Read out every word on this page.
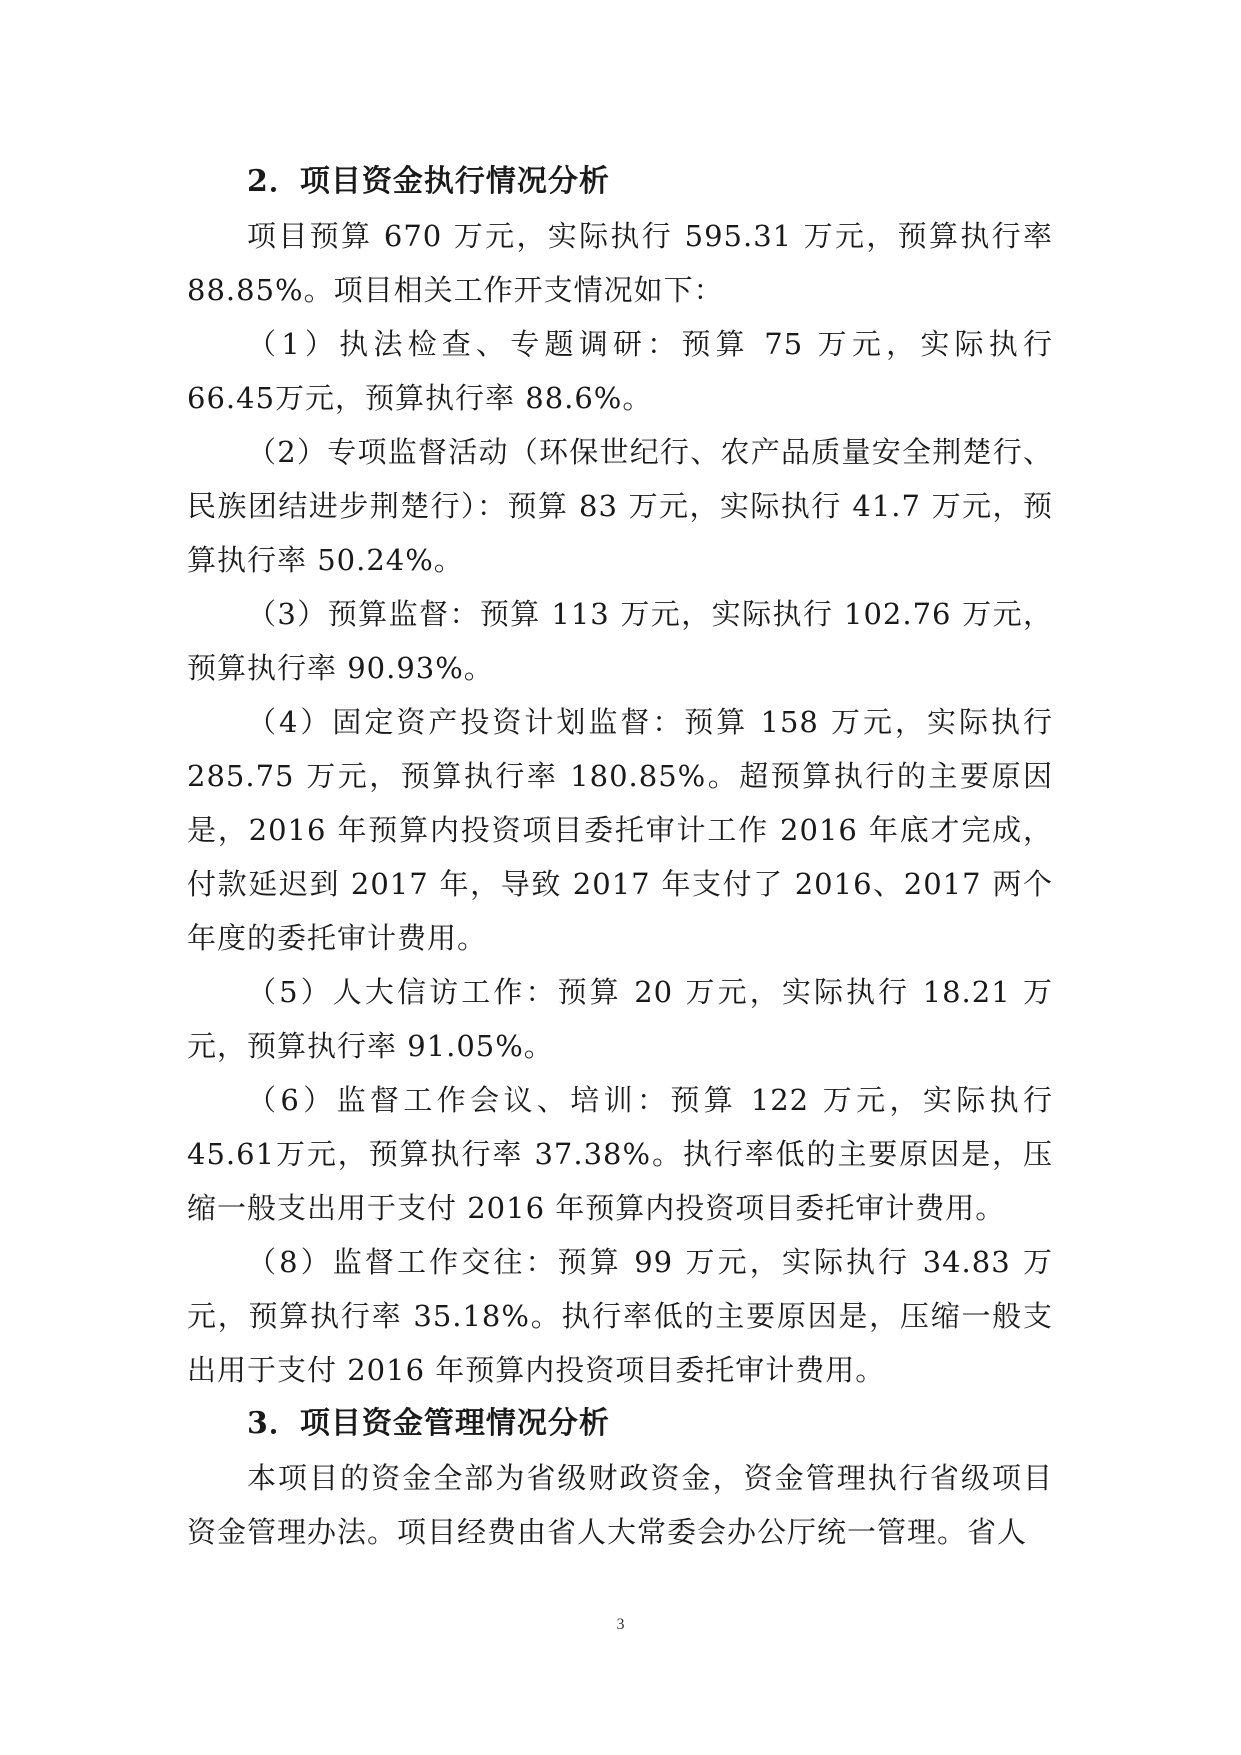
2．项目资金执行情况分析

项目预算 670 万元，实际执行 595.31 万元，预算执行率88.85%。项目相关工作开支情况如下：

（1）执法检查、专题调研：预算 75 万元，实际执行 66.45万元，预算执行率 88.6%。

（2）专项监督活动（环保世纪行、农产品质量安全荆楚行、民族团结进步荆楚行）：预算 83 万元，实际执行 41.7 万元，预算执行率 50.24%。

（3）预算监督：预算 113 万元，实际执行 102.76 万元，预算执行率 90.93%。

（4）固定资产投资计划监督：预算 158 万元，实际执行285.75 万元，预算执行率 180.85%。超预算执行的主要原因是，2016 年预算内投资项目委托审计工作 2016 年底才完成，付款延迟到 2017 年，导致 2017 年支付了 2016、2017 两个年度的委托审计费用。

（5）人大信访工作：预算 20 万元，实际执行 18.21 万元，预算执行率 91.05%。

（6）监督工作会议、培训：预算 122 万元，实际执行 45.61万元，预算执行率 37.38%。执行率低的主要原因是，压缩一般支出用于支付 2016 年预算内投资项目委托审计费用。

（8）监督工作交往：预算 99 万元，实际执行 34.83 万元，预算执行率 35.18%。执行率低的主要原因是，压缩一般支出用于支付 2016 年预算内投资项目委托审计费用。

3．项目资金管理情况分析

本项目的资金全部为省级财政资金，资金管理执行省级项目资金管理办法。项目经费由省人大常委会办公厅统一管理。省人

3
